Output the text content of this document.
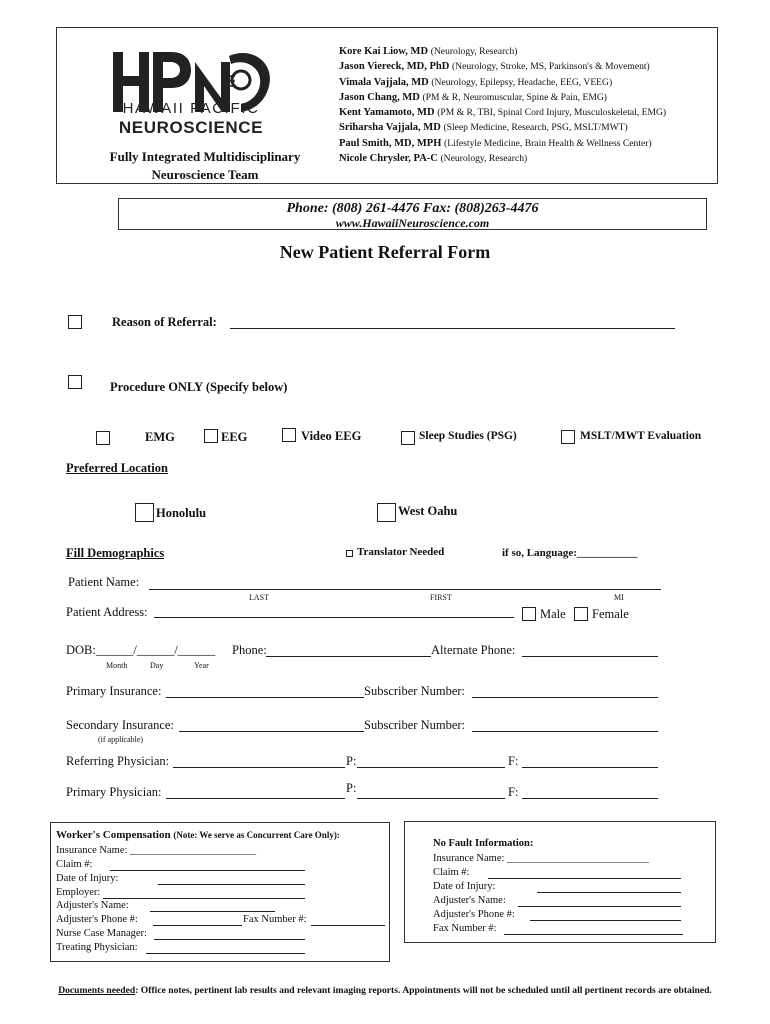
HAWAII PACIFIC
NEUROSCIENCE
Fully Integrated Multidisciplinary
Neuroscience Team
Kore Kai Liow, MD (Neurology, Research)
Jason Viereck, MD, PhD (Neurology, Stroke, MS, Parkinson's & Movement)
Vimala Vajjala, MD (Neurology, Epilepsy, Headache, EEG, VEEG)
Jason Chang, MD (PM & R, Neuromuscular, Spine & Pain, EMG)
Kent Yamamoto, MD (PM & R, TBI, Spinal Cord Injury, Musculoskeletal, EMG)
Sriharsha Vajjala, MD (Sleep Medicine, Research, PSG, MSLT/MWT)
Paul Smith, MD, MPH (Lifestyle Medicine, Brain Health & Wellness Center)
Nicole Chrysler, PA-C (Neurology, Research)
Phone: (808) 261-4476 Fax: (808)263-4476
www.HawaiiNeuroscience.com
New Patient Referral Form
Reason of Referral:
Procedure ONLY (Specify below)
EMG	EEG	Video EEG	Sleep Studies (PSG)	MSLT/MWT Evaluation
Preferred Location
Honolulu	West Oahu
Fill Demographics	Translator Needed	if so, Language:___________
Patient Name:
LAST	FIRST	MI
Patient Address:	Male Female
DOB:______/______/______
Month	Day	Year
Phone:	Alternate Phone:
Primary Insurance:	Subscriber Number:
Secondary Insurance:	Subscriber Number:
(if applicable)
Referring Physician:	P:	F:
Primary Physician:	P:	F:
Worker's Compensation (Note: We serve as Concurrent Care Only):
Insurance Name: ________________________
Claim #:
Date of Injury:
Employer:
Adjuster's Name:
Adjuster's Phone #:	Fax Number #:
Nurse Case Manager:
Treating Physician:
No Fault Information:
Insurance Name: ___________________________
Claim #:
Date of Injury:
Adjuster's Name:
Adjuster's Phone #:
Fax Number #:
Documents needed: Office notes, pertinent lab results and relevant imaging reports. Appointments will not be scheduled until all pertinent records are obtained.
